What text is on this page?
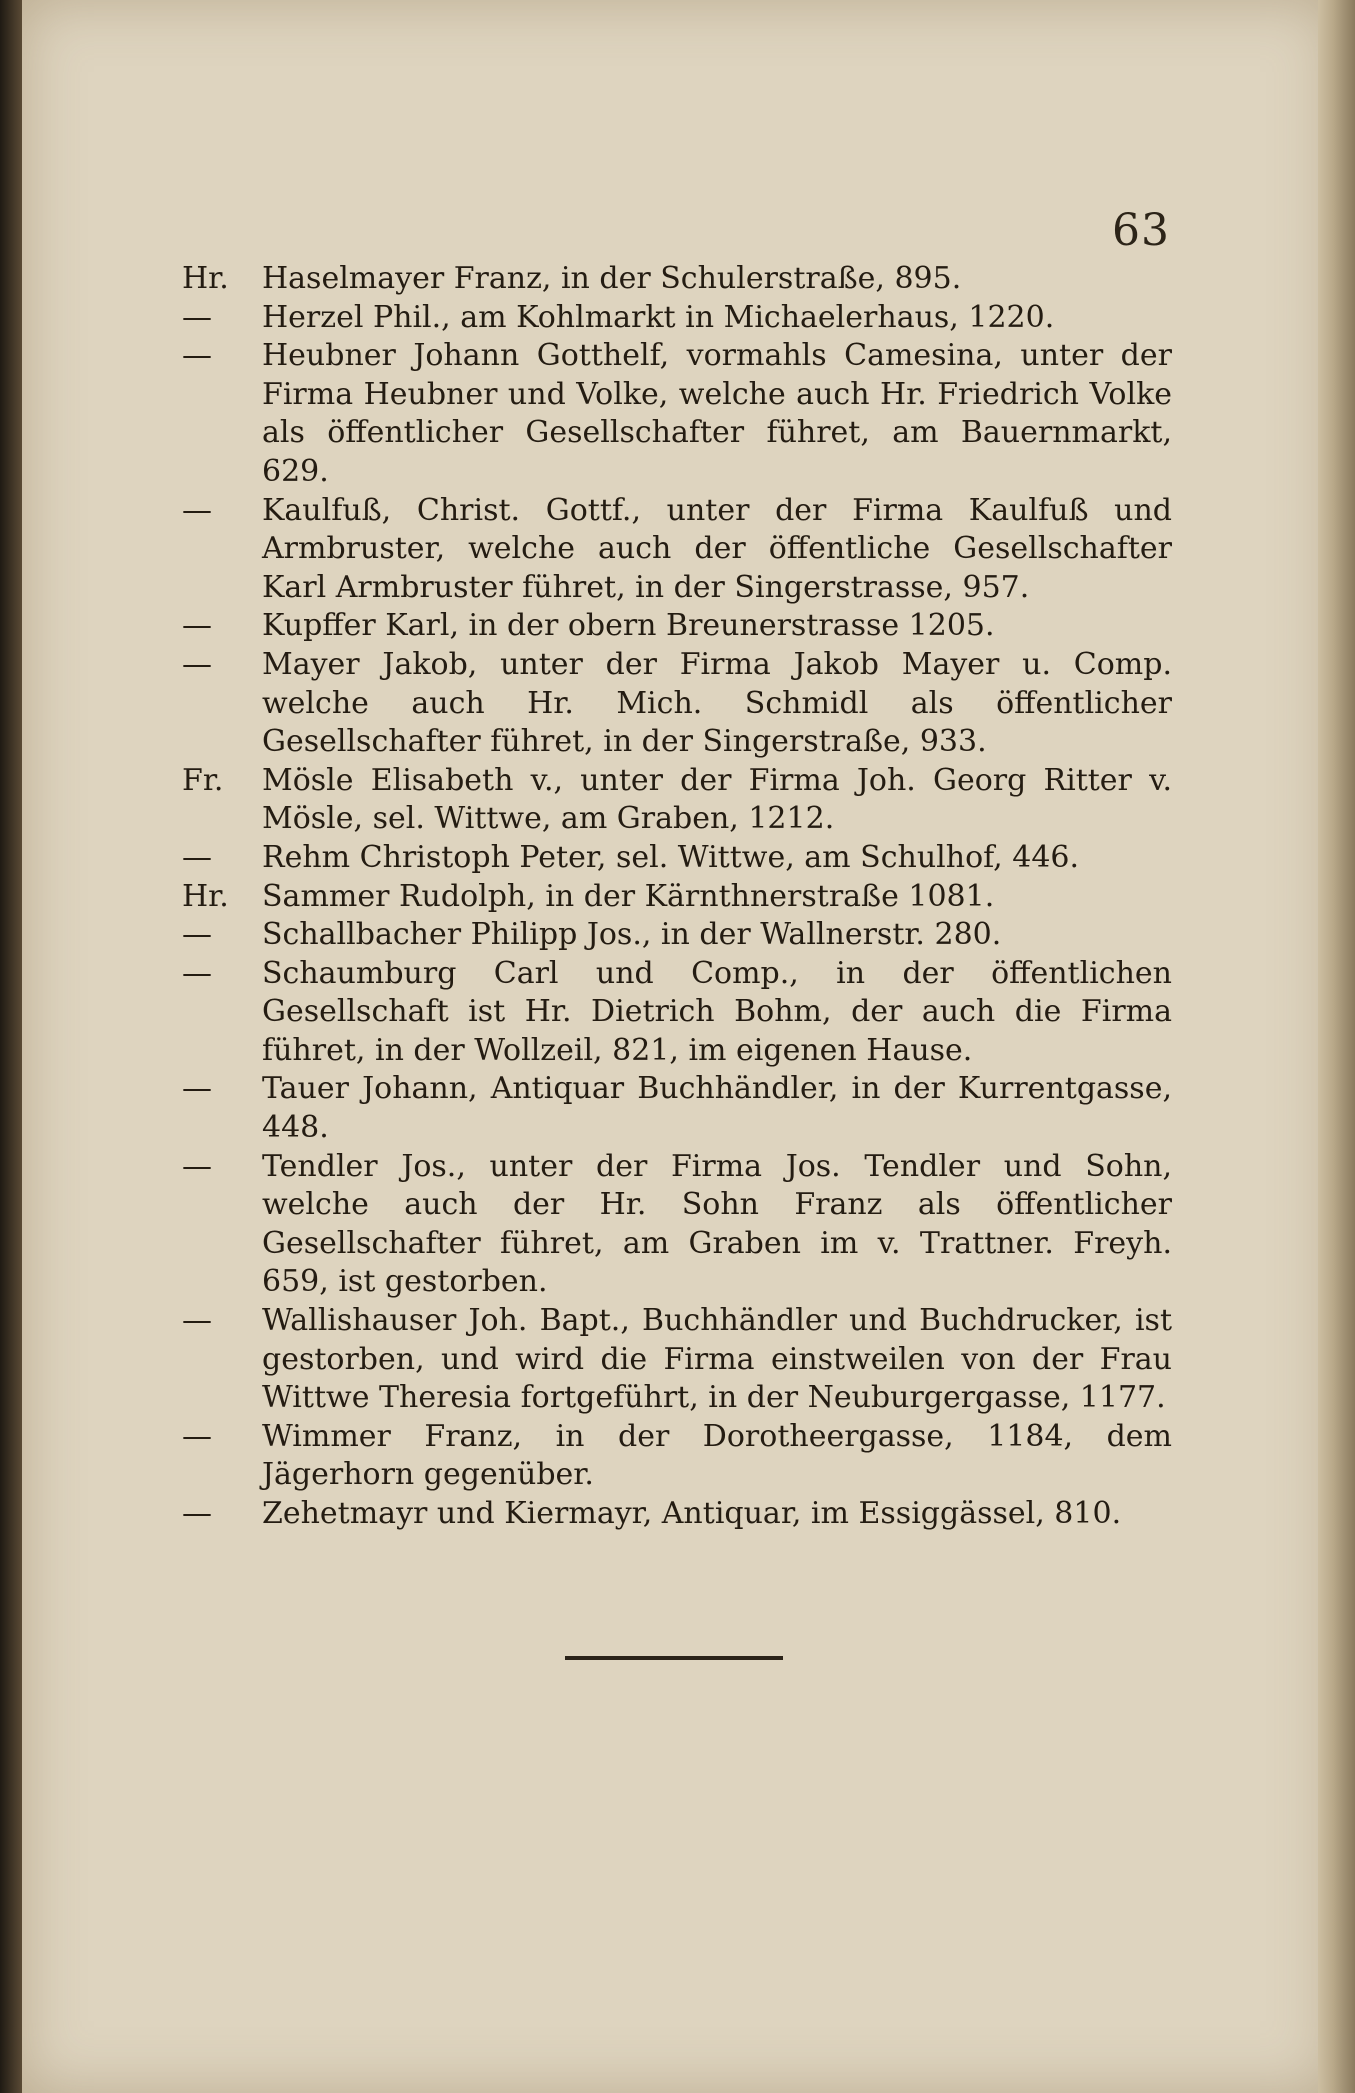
63

Hr.	Haselmayer Franz, in der Schulerstraße, 895.

—	Herzel Phil., am Kohlmarkt in Michaelerhaus, 1220.

—	Heubner Johann Gotthelf, vormahls Camesina, unter der Firma Heubner und Volke, welche auch Hr. Friedrich Volke als öffentlicher Gesellschafter führet, am Bauernmarkt, 629.

—	Kaulfuß, Christ. Gottf., unter der Firma Kaulfuß und Armbruster, welche auch der öffentliche Gesellschafter Karl Armbruster führet, in der Singerstrasse, 957.

—	Kupffer Karl, in der obern Breunerstrasse 1205.

—	Mayer Jakob, unter der Firma Jakob Mayer u. Comp. welche auch Hr. Mich. Schmidl als öffentlicher Gesellschafter führet, in der Singerstraße, 933.

Fr.	Mösle Elisabeth v., unter der Firma Joh. Georg Ritter v. Mösle, sel. Wittwe, am Graben, 1212.

—	Rehm Christoph Peter, sel. Wittwe, am Schulhof, 446.

Hr.	Sammer Rudolph, in der Kärnthnerstraße 1081.

—	Schallbacher Philipp Jos., in der Wallnerstr. 280.

—	Schaumburg Carl und Comp., in der öffentlichen Gesellschaft ist Hr. Dietrich Bohm, der auch die Firma führet, in der Wollzeil, 821, im eigenen Hause.

—	Tauer Johann, Antiquar Buchhändler, in der Kurrentgasse, 448.

—	Tendler Jos., unter der Firma Jos. Tendler und Sohn, welche auch der Hr. Sohn Franz als öffentlicher Gesellschafter führet, am Graben im v. Trattner. Freyh. 659, ist gestorben.

—	Wallishauser Joh. Bapt., Buchhändler und Buchdrucker, ist gestorben, und wird die Firma einstweilen von der Frau Wittwe Theresia fortgeführt, in der Neuburgergasse, 1177.

—	Wimmer Franz, in der Dorotheergasse, 1184, dem Jägerhorn gegenüber.

—	Zehetmayr und Kiermayr, Antiquar, im Essiggässel, 810.
